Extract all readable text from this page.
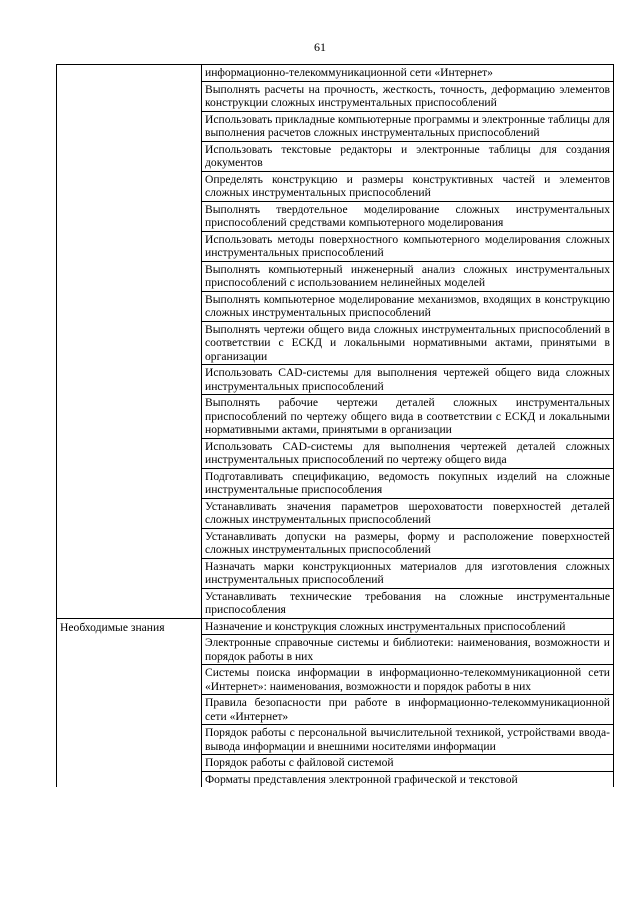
61
	информационно-телекоммуникационной сети «Интернет»
	Выполнять расчеты на прочность, жесткость, точность, деформацию элементов конструкции сложных инструментальных приспособлений
	Использовать прикладные компьютерные программы и электронные таблицы для выполнения расчетов сложных инструментальных приспособлений
	Использовать текстовые редакторы и электронные таблицы для создания документов
	Определять конструкцию и размеры конструктивных частей и элементов сложных инструментальных приспособлений
	Выполнять твердотельное моделирование сложных инструментальных приспособлений средствами компьютерного моделирования
	Использовать методы поверхностного компьютерного моделирования сложных инструментальных приспособлений
	Выполнять компьютерный инженерный анализ сложных инструментальных приспособлений с использованием нелинейных моделей
	Выполнять компьютерное моделирование механизмов, входящих в конструкцию сложных инструментальных приспособлений
	Выполнять чертежи общего вида сложных инструментальных приспособлений в соответствии с ЕСКД и локальными нормативными актами, принятыми в организации
	Использовать CAD-системы для выполнения чертежей общего вида сложных инструментальных приспособлений
	Выполнять рабочие чертежи деталей сложных инструментальных приспособлений по чертежу общего вида в соответствии с ЕСКД и локальными нормативными актами, принятыми в организации
	Использовать CAD-системы для выполнения чертежей деталей сложных инструментальных приспособлений по чертежу общего вида
	Подготавливать спецификацию, ведомость покупных изделий на сложные инструментальные приспособления
	Устанавливать значения параметров шероховатости поверхностей деталей сложных инструментальных приспособлений
	Устанавливать допуски на размеры, форму и расположение поверхностей сложных инструментальных приспособлений
	Назначать марки конструкционных материалов для изготовления сложных инструментальных приспособлений
	Устанавливать технические требования на сложные инструментальные приспособления
Необходимые знания	Назначение и конструкция сложных инструментальных приспособлений
	Электронные справочные системы и библиотеки: наименования, возможности и порядок работы в них
	Системы поиска информации в информационно-телекоммуникационной сети «Интернет»: наименования, возможности и порядок работы в них
	Правила безопасности при работе в информационно-телекоммуникационной сети «Интернет»
	Порядок работы с персональной вычислительной техникой, устройствами ввода-вывода информации и внешними носителями информации
	Порядок работы с файловой системой
	Форматы представления электронной графической и текстовой
